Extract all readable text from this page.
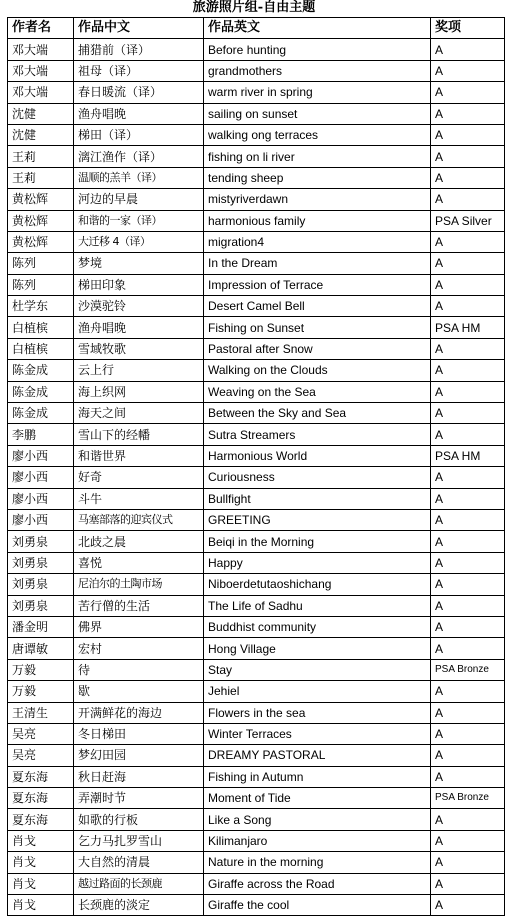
旅游照片组-自由主题
作者名	作品中文	作品英文	奖项
邓大端	捕猎前（译）	Before hunting	A
邓大端	祖母（译）	grandmothers	A
邓大端	春日暖流（译）	warm river in spring	A
沈健	渔舟唱晚	sailing on sunset	A
沈健	梯田（译）	walking ong terraces	A
王莉	漓江渔作（译）	fishing on li river	A
王莉	温顺的羔羊（译）	tending sheep	A
黄松辉	河边的早晨	mistyriverdawn	A
黄松辉	和谐的一家（译）	harmonious family	PSA Silver
黄松辉	大迁移 4（译）	migration4	A
陈列	梦境	In the Dream	A
陈列	梯田印象	Impression of Terrace	A
杜学东	沙漠驼铃	Desert Camel Bell	A
白植槟	渔舟唱晚	Fishing on Sunset	PSA HM
白植槟	雪域牧歌	Pastoral after Snow	A
陈金成	云上行	Walking on the Clouds	A
陈金成	海上织网	Weaving on the Sea	A
陈金成	海天之间	Between the Sky and Sea	A
李鹏	雪山下的经幡	Sutra Streamers	A
廖小西	和谐世界	Harmonious World	PSA HM
廖小西	好奇	Curiousness	A
廖小西	斗牛	Bullfight	A
廖小西	马塞部落的迎宾仪式	GREETING	A
刘勇泉	北歧之晨	Beiqi in the Morning	A
刘勇泉	喜悦	Happy	A
刘勇泉	尼泊尔的土陶市场	Niboerdetutaoshichang	A
刘勇泉	苦行僧的生活	The Life of Sadhu	A
潘金明	佛界	Buddhist community	A
唐谭敏	宏村	Hong Village	A
万毅	待	Stay	PSA Bronze
万毅	歇	Jehiel	A
王清生	开满鲜花的海边	Flowers in the sea	A
吴亮	冬日梯田	Winter Terraces	A
吴亮	梦幻田园	DREAMY PASTORAL	A
夏东海	秋日赶海	Fishing in Autumn	A
夏东海	弄潮时节	Moment of Tide	PSA Bronze
夏东海	如歌的行板	Like a Song	A
肖戈	乞力马扎罗雪山	Kilimanjaro	A
肖戈	大自然的清晨	Nature in the morning	A
肖戈	越过路面的长颈鹿	Giraffe across the Road	A
肖戈	长颈鹿的淡定	Giraffe the cool	A
